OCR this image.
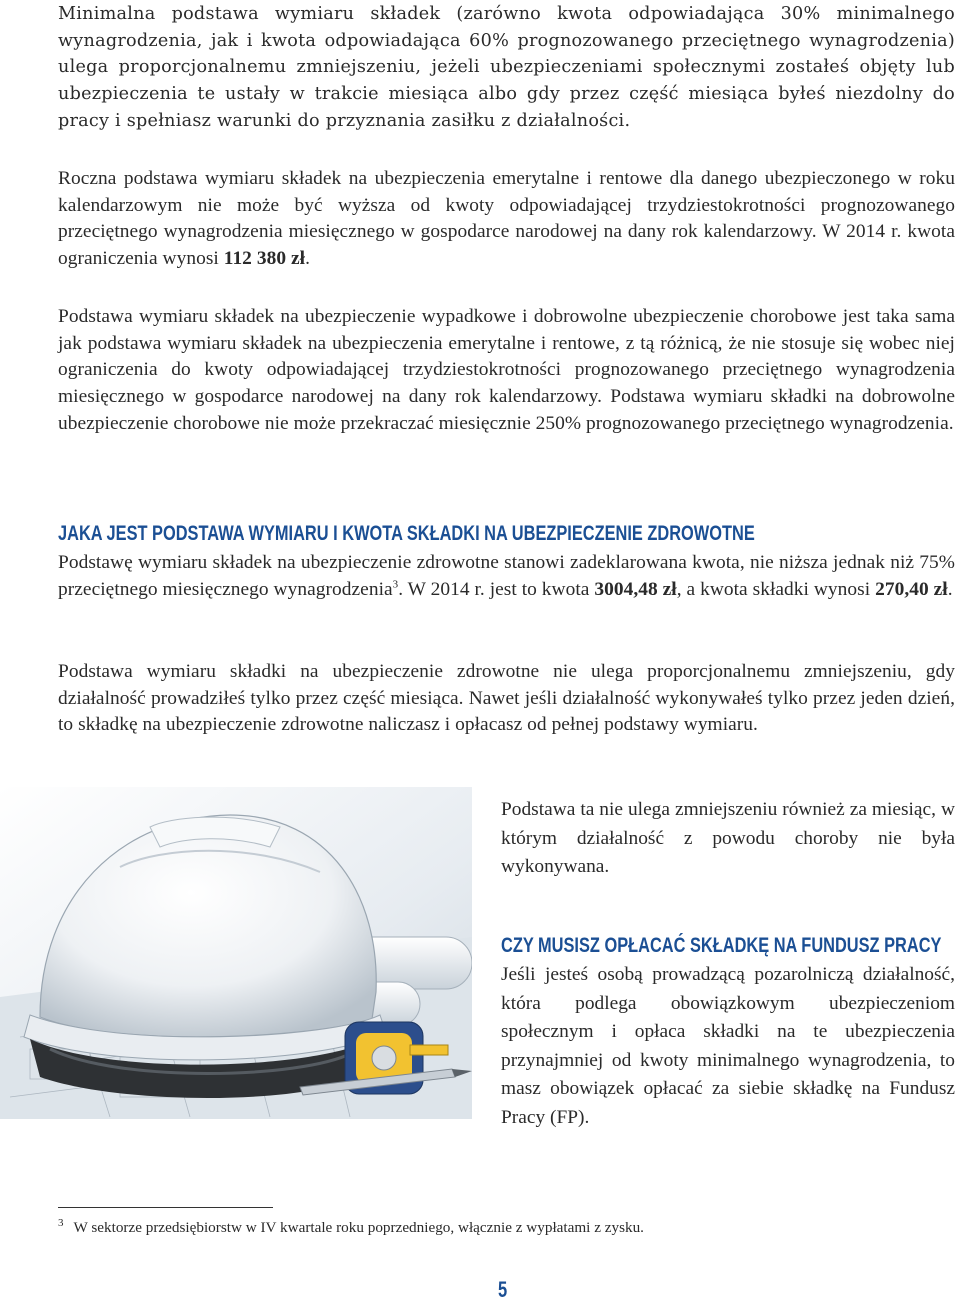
Minimalna podstawa wymiaru składek (zarówno kwota odpowiadająca 30% minimalnego wynagrodzenia, jak i kwota odpowiadająca 60% prognozowanego przeciętnego wynagrodzenia) ulega proporcjonalnemu zmniejszeniu, jeżeli ubezpieczeniami społecznymi zostałeś objęty lub ubezpieczenia te ustały w trakcie miesiąca albo gdy przez część miesiąca byłeś niezdolny do pracy i spełniasz warunki do przyznania zasiłku z działalności.

Roczna podstawa wymiaru składek na ubezpieczenia emerytalne i rentowe dla danego ubezpieczonego w roku kalendarzowym nie może być wyższa od kwoty odpowiadającej trzydziestokrotności prognozowanego przeciętnego wynagrodzenia miesięcznego w gospodarce narodowej na dany rok kalendarzowy. W 2014 r. kwota ograniczenia wynosi 112 380 zł.

Podstawa wymiaru składek na ubezpieczenie wypadkowe i dobrowolne ubezpieczenie chorobowe jest taka sama jak podstawa wymiaru składek na ubezpieczenia emerytalne i rentowe, z tą różnicą, że nie stosuje się wobec niej ograniczenia do kwoty odpowiadającej trzydziestokrotności prognozowanego przeciętnego wynagrodzenia miesięcznego w gospodarce narodowej na dany rok kalendarzowy. Podstawa wymiaru składki na dobrowolne ubezpieczenie chorobowe nie może przekraczać miesięcznie 250% prognozowanego przeciętnego wynagrodzenia.

JAKA JEST PODSTAWA WYMIARU I KWOTA SKŁADKI NA UBEZPIECZENIE ZDROWOTNE

Podstawę wymiaru składek na ubezpieczenie zdrowotne stanowi zadeklarowana kwota, nie niższa jednak niż 75% przeciętnego miesięcznego wynagrodzenia$^3$. W 2014 r. jest to kwota 3004,48 zł, a kwota składki wynosi 270,40 zł.

Podstawa wymiaru składki na ubezpieczenie zdrowotne nie ulega proporcjonalnemu zmniejszeniu, gdy działalność prowadziłeś tylko przez część miesiąca. Nawet jeśli działalność wykonywałeś tylko przez jeden dzień, to składkę na ubezpieczenie zdrowotne naliczasz i opłacasz od pełnej podstawy wymiaru.

Podstawa ta nie ulega zmniejszeniu również za miesiąc, w którym działalność z powodu choroby nie była wykonywana.

CZY MUSISZ OPŁACAĆ SKŁADKĘ NA FUNDUSZ PRACY

Jeśli jesteś osobą prowadzącą pozarolniczą działalność, która podlega obowiązkowym ubezpieczeniom społecznym i opłaca składki na te ubezpieczenia przynajmniej od kwoty minimalnego wynagrodzenia, to masz obowiązek opłacać za siebie składkę na Fundusz Pracy (FP).

$^3$ W sektorze przedsiębiorstw w IV kwartale roku poprzedniego, włącznie z wypłatami z zysku.

5
